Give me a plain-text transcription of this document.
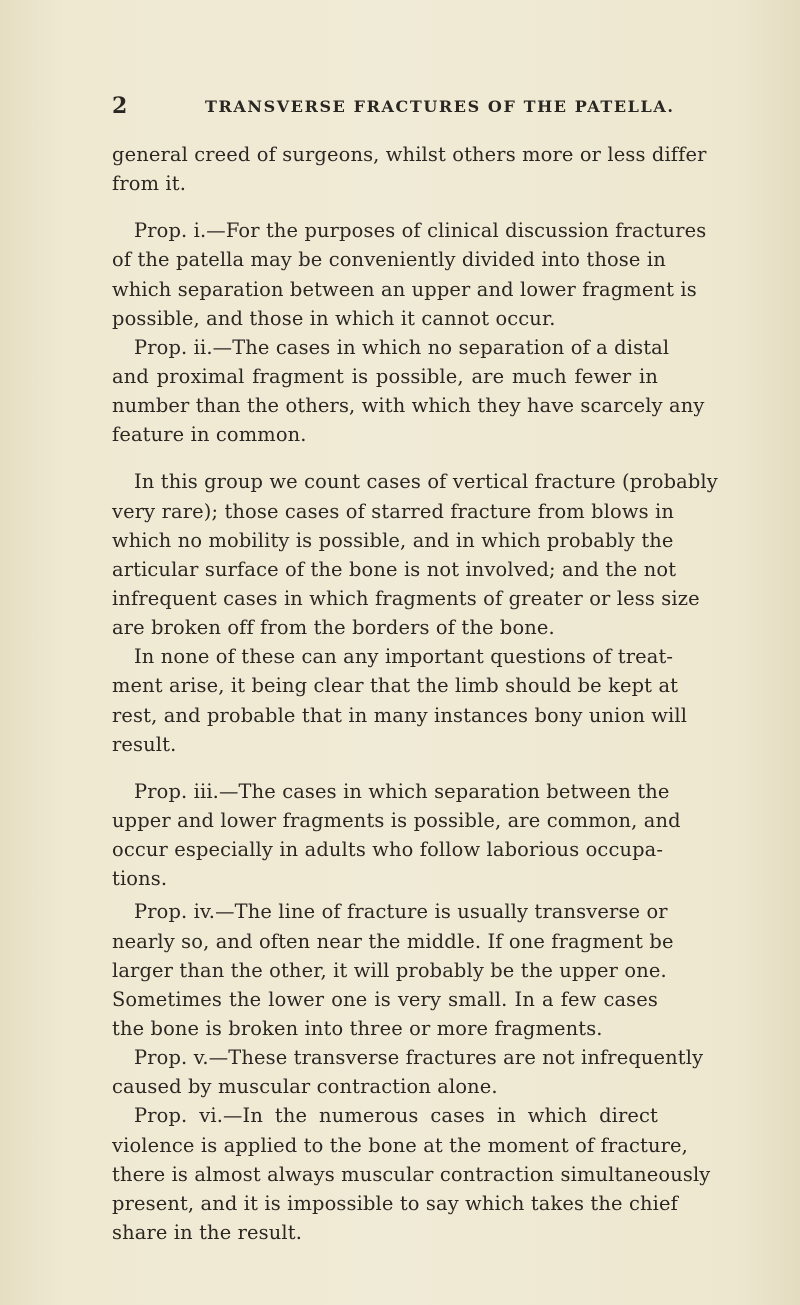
2	TRANSVERSE FRACTURES OF THE PATELLA.
general creed of surgeons, whilst others more or less differ
from it.
Prop. i.—For the purposes of clinical discussion fractures
of the patella may be conveniently divided into those in
which separation between an upper and lower fragment is
possible, and those in which it cannot occur.
Prop. ii.—The cases in which no separation of a distal
and proximal fragment is possible, are much fewer in
number than the others, with which they have scarcely any
feature in common.
In this group we count cases of vertical fracture (probably
very rare); those cases of starred fracture from blows in
which no mobility is possible, and in which probably the
articular surface of the bone is not involved; and the not
infrequent cases in which fragments of greater or less size
are broken off from the borders of the bone.
In none of these can any important questions of treat-
ment arise, it being clear that the limb should be kept at
rest, and probable that in many instances bony union will
result.
Prop. iii.—The cases in which separation between the
upper and lower fragments is possible, are common, and
occur especially in adults who follow laborious occupa-
tions.
Prop. iv.—The line of fracture is usually transverse or
nearly so, and often near the middle. If one fragment be
larger than the other, it will probably be the upper one.
Sometimes the lower one is very small. In a few cases
the bone is broken into three or more fragments.
Prop. v.—These transverse fractures are not infrequently
caused by muscular contraction alone.
Prop. vi.—In the numerous cases in which direct
violence is applied to the bone at the moment of fracture,
there is almost always muscular contraction simultaneously
present, and it is impossible to say which takes the chief
share in the result.
